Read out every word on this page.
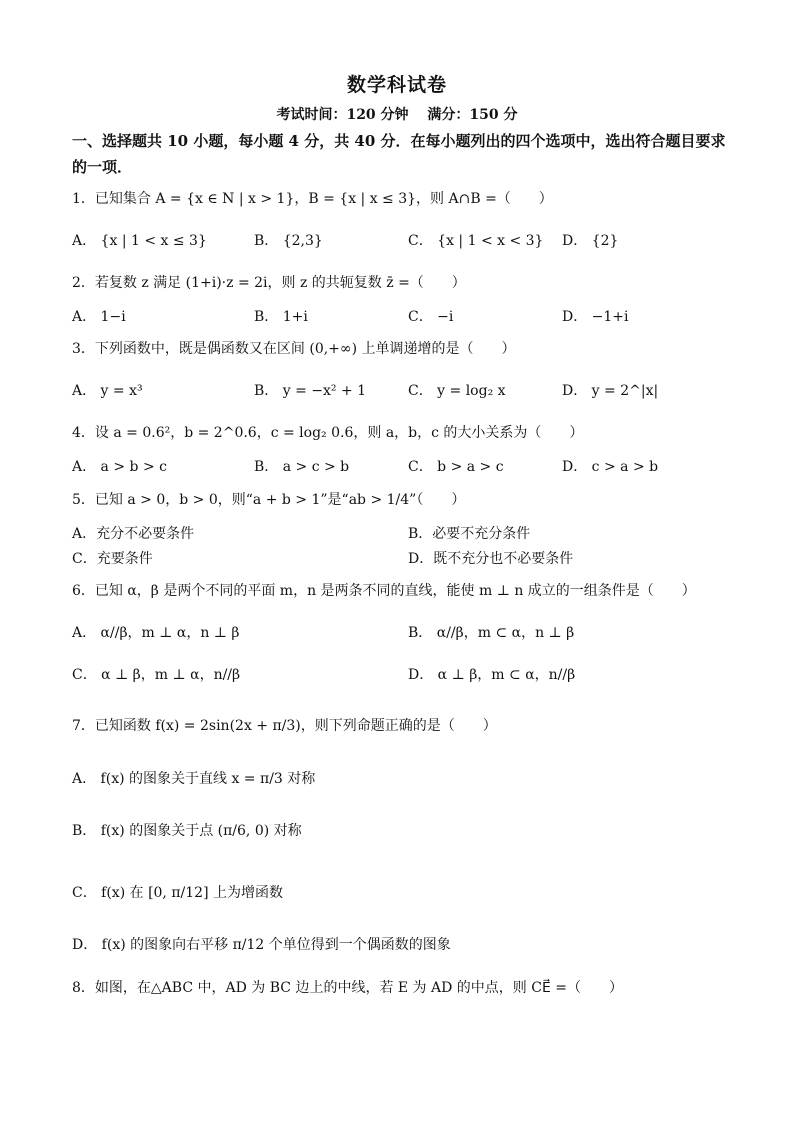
数学科试卷
考试时间：120 分钟　 满分：150 分
一、选择题共 10 小题，每小题 4 分，共 40 分．在每小题列出的四个选项中，选出符合题目要求的一项．
1．已知集合 A = {x ∈ N | x > 1}，B = {x | x ≤ 3}，则 A∩B =（　　）
A． {x | 1 < x ≤ 3}	B． {2,3}	C． {x | 1 < x < 3} D． {2}
2．若复数 z 满足 (1+i)·z = 2i，则 z 的共轭复数 z̄ =（　　）
A． 1−i	B． 1+i	C． −i	D． −1+i
3．下列函数中，既是偶函数又在区间 (0,+∞) 上单调递增的是（　　）
A． y = x³	B． y = −x² + 1	C． y = log₂ x	D． y = 2^|x|
4．设 a = 0.6²，b = 2^0.6，c = log₂ 0.6，则 a，b，c 的大小关系为（　　）
A． a > b > c	B． a > c > b	C． b > a > c	D． c > a > b
5．已知 a > 0，b > 0，则“a + b > 1”是“ab > 1/4”（　　）
A．充分不必要条件	B．必要不充分条件
C．充要条件	D．既不充分也不必要条件
6．已知 α，β 是两个不同的平面 m，n 是两条不同的直线，能使 m ⊥ n 成立的一组条件是（　　）
A． α//β，m ⊥ α，n ⊥ β	B． α//β，m ⊂ α，n ⊥ β
C． α ⊥ β，m ⊥ α，n//β	D． α ⊥ β，m ⊂ α，n//β
7．已知函数 f(x) = 2sin(2x + π/3)，则下列命题正确的是（　　）
A． f(x) 的图象关于直线 x = π/3 对称
B． f(x) 的图象关于点 (π/6, 0) 对称
C． f(x) 在 [0, π/12] 上为增函数
D． f(x) 的图象向右平移 π/12 个单位得到一个偶函数的图象
8．如图，在△ABC 中，AD 为 BC 边上的中线，若 E 为 AD 的中点，则 CE⃗ =（　　）
